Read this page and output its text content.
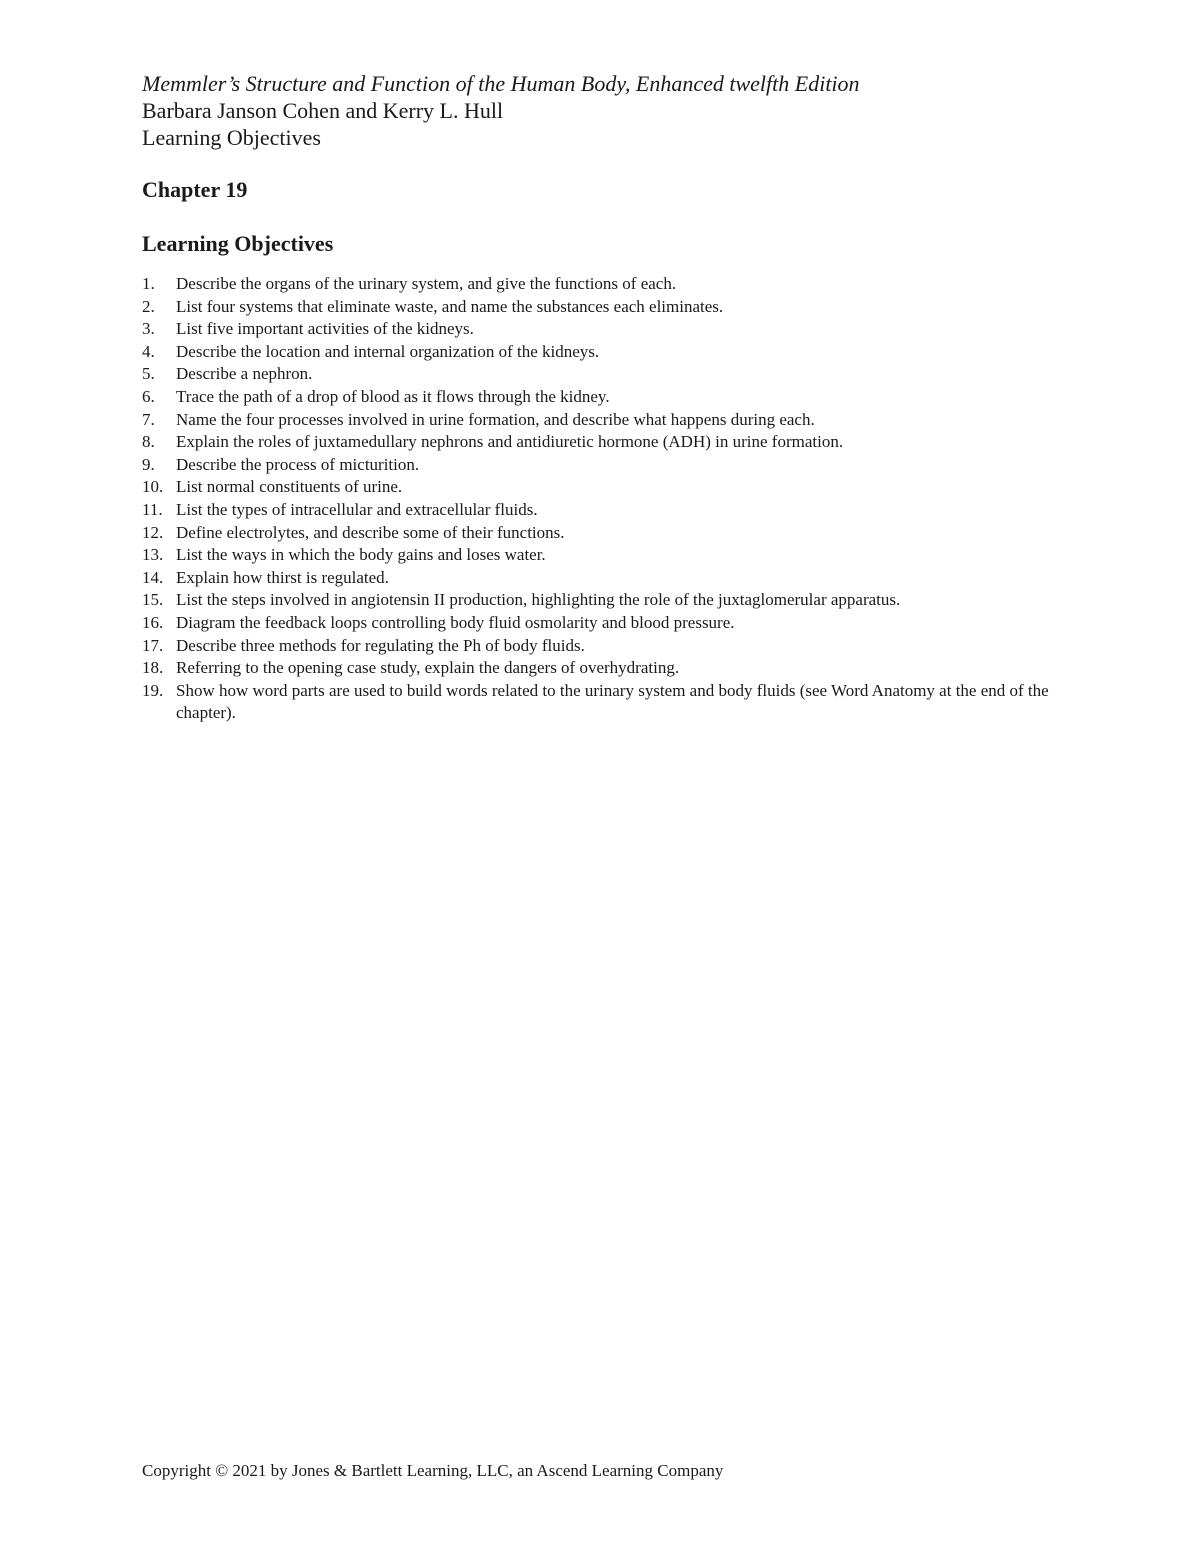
Memmler’s Structure and Function of the Human Body, Enhanced twelfth Edition

Barbara Janson Cohen and Kerry L. Hull

Learning Objectives

Chapter 19

Learning Objectives

1.	Describe the organs of the urinary system, and give the functions of each.
2.	List four systems that eliminate waste, and name the substances each eliminates.
3.	List five important activities of the kidneys.
4.	Describe the location and internal organization of the kidneys.
5.	Describe a nephron.
6.	Trace the path of a drop of blood as it flows through the kidney.
7.	Name the four processes involved in urine formation, and describe what happens during each.
8.	Explain the roles of juxtamedullary nephrons and antidiuretic hormone (ADH) in urine formation.
9.	Describe the process of micturition.
10. List normal constituents of urine.
11. List the types of intracellular and extracellular fluids.
12. Define electrolytes, and describe some of their functions.
13. List the ways in which the body gains and loses water.
14. Explain how thirst is regulated.
15. List the steps involved in angiotensin II production, highlighting the role of the juxtaglomerular apparatus.
16. Diagram the feedback loops controlling body fluid osmolarity and blood pressure.
17. Describe three methods for regulating the Ph of body fluids.
18. Referring to the opening case study, explain the dangers of overhydrating.
19. Show how word parts are used to build words related to the urinary system and body fluids (see Word Anatomy at the end of the chapter).

Copyright © 2021 by Jones & Bartlett Learning, LLC, an Ascend Learning Company
